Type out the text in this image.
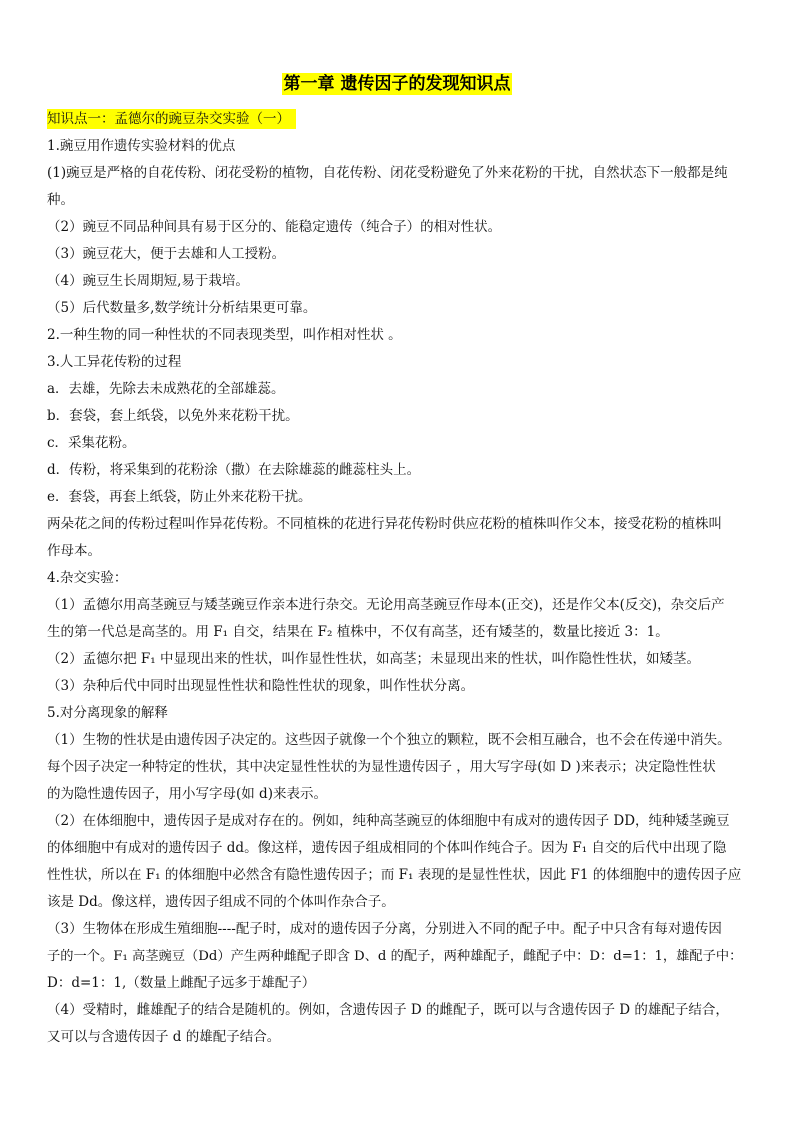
第一章 遗传因子的发现知识点

知识点一：孟德尔的豌豆杂交实验（一）

1.豌豆用作遗传实验材料的优点

(1)豌豆是严格的自花传粉、闭花受粉的植物，自花传粉、闭花受粉避免了外来花粉的干扰，自然状态下一般都是纯

种。

（2）豌豆不同品种间具有易于区分的、能稳定遗传（纯合子）的相对性状。

（3）豌豆花大，便于去雄和人工授粉。

（4）豌豆生长周期短,易于栽培。

（5）后代数量多,数学统计分析结果更可靠。

2.一种生物的同一种性状的不同表现类型，叫作相对性状 。

3.人工异花传粉的过程

a．去雄，先除去未成熟花的全部雄蕊。

b．套袋，套上纸袋，以免外来花粉干扰。

c．采集花粉。

d．传粉，将采集到的花粉涂（撒）在去除雄蕊的雌蕊柱头上。

e．套袋，再套上纸袋，防止外来花粉干扰。

两朵花之间的传粉过程叫作异花传粉。不同植株的花进行异花传粉时供应花粉的植株叫作父本，接受花粉的植株叫

作母本。

4.杂交实验：

（1）孟德尔用高茎豌豆与矮茎豌豆作亲本进行杂交。无论用高茎豌豆作母本(正交)，还是作父本(反交)，杂交后产

生的第一代总是高茎的。用 F₁ 自交，结果在 F₂ 植株中，不仅有高茎，还有矮茎的，数量比接近 3：1。

（2）孟德尔把 F₁ 中显现出来的性状，叫作显性性状，如高茎；未显现出来的性状，叫作隐性性状，如矮茎。

（3）杂种后代中同时出现显性性状和隐性性状的现象，叫作性状分离。

5.对分离现象的解释

（1）生物的性状是由遗传因子决定的。这些因子就像一个个独立的颗粒，既不会相互融合，也不会在传递中消失。

每个因子决定一种特定的性状，其中决定显性性状的为显性遗传因子 ，用大写字母(如 D )来表示；决定隐性性状

的为隐性遗传因子，用小写字母(如 d)来表示。

（2）在体细胞中，遗传因子是成对存在的。例如，纯种高茎豌豆的体细胞中有成对的遗传因子 DD，纯种矮茎豌豆

的体细胞中有成对的遗传因子 dd。像这样，遗传因子组成相同的个体叫作纯合子。因为 F₁ 自交的后代中出现了隐

性性状，所以在 F₁ 的体细胞中必然含有隐性遗传因子；而 F₁ 表现的是显性性状，因此 F1 的体细胞中的遗传因子应

该是 Dd。像这样，遗传因子组成不同的个体叫作杂合子。

（3）生物体在形成生殖细胞----配子时，成对的遗传因子分离，分别进入不同的配子中。配子中只含有每对遗传因

子的一个。F₁ 高茎豌豆（Dd）产生两种雌配子即含 D、d 的配子，两种雄配子，雌配子中：D：d=1：1，雄配子中：

D：d=1：1,（数量上雌配子远多于雄配子）

（4）受精时，雌雄配子的结合是随机的。例如，含遗传因子 D 的雌配子，既可以与含遗传因子 D 的雄配子结合，

又可以与含遗传因子 d 的雄配子结合。
